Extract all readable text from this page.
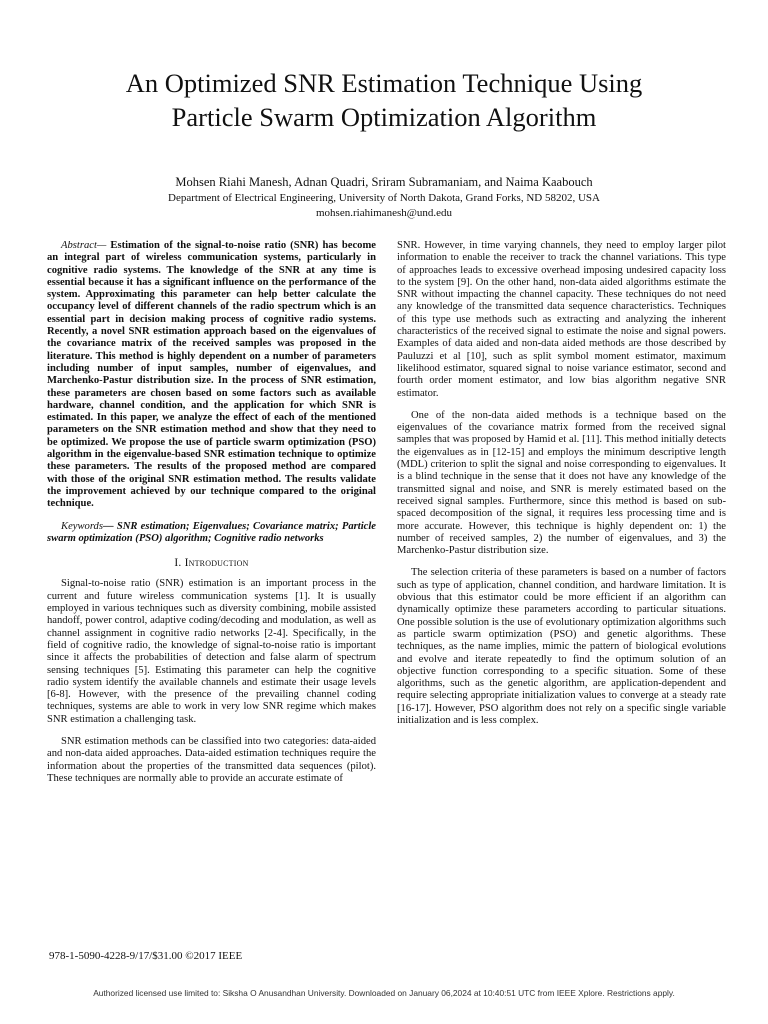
An Optimized SNR Estimation Technique Using
Particle Swarm Optimization Algorithm
Mohsen Riahi Manesh, Adnan Quadri, Sriram Subramaniam, and Naima Kaabouch
Department of Electrical Engineering, University of North Dakota, Grand Forks, ND 58202, USA
mohsen.riahimanesh@und.edu

Abstract— Estimation of the signal-to-noise ratio (SNR) has become an integral part of wireless communication systems, particularly in cognitive radio systems. The knowledge of the SNR at any time is essential because it has a significant influence on the performance of the system. Approximating this parameter can help better calculate the occupancy level of different channels of the radio spectrum which is an essential part in decision making process of cognitive radio systems. Recently, a novel SNR estimation approach based on the eigenvalues of the covariance matrix of the received samples was proposed in the literature. This method is highly dependent on a number of parameters including number of input samples, number of eigenvalues, and Marchenko-Pastur distribution size. In the process of SNR estimation, these parameters are chosen based on some factors such as available hardware, channel condition, and the application for which SNR is estimated. In this paper, we analyze the effect of each of the mentioned parameters on the SNR estimation method and show that they need to be optimized. We propose the use of particle swarm optimization (PSO) algorithm in the eigenvalue-based SNR estimation technique to optimize these parameters. The results of the proposed method are compared with those of the original SNR estimation method. The results validate the improvement achieved by our technique compared to the original technique.

Keywords— SNR estimation; Eigenvalues; Covariance matrix; Particle swarm optimization (PSO) algorithm; Cognitive radio networks

I. Introduction

Signal-to-noise ratio (SNR) estimation is an important process in the current and future wireless communication systems [1]. It is usually employed in various techniques such as diversity combining, mobile assisted handoff, power control, adaptive coding/decoding and modulation, as well as channel assignment in cognitive radio networks [2-4]. Specifically, in the field of cognitive radio, the knowledge of signal-to-noise ratio is important since it affects the probabilities of detection and false alarm of spectrum sensing techniques [5]. Estimating this parameter can help the cognitive radio system identify the available channels and estimate their usage levels [6-8]. However, with the presence of the prevailing channel coding techniques, systems are able to work in very low SNR regime which makes SNR estimation a challenging task.

SNR estimation methods can be classified into two categories: data-aided and non-data aided approaches. Data-aided estimation techniques require the information about the properties of the transmitted data sequences (pilot). These techniques are normally able to provide an accurate estimate of

SNR. However, in time varying channels, they need to employ larger pilot information to enable the receiver to track the channel variations. This type of approaches leads to excessive overhead imposing undesired capacity loss to the system [9]. On the other hand, non-data aided algorithms estimate the SNR without impacting the channel capacity. These techniques do not need any knowledge of the transmitted data sequence characteristics. Techniques of this type use methods such as extracting and analyzing the inherent characteristics of the received signal to estimate the noise and signal powers. Examples of data aided and non-data aided methods are those described by Pauluzzi et al [10], such as split symbol moment estimator, maximum likelihood estimator, squared signal to noise variance estimator, second and fourth order moment estimator, and low bias algorithm negative SNR estimator.

One of the non-data aided methods is a technique based on the eigenvalues of the covariance matrix formed from the received signal samples that was proposed by Hamid et al. [11]. This method initially detects the eigenvalues as in [12-15] and employs the minimum descriptive length (MDL) criterion to split the signal and noise corresponding to eigenvalues. It is a blind technique in the sense that it does not have any knowledge of the transmitted signal and noise, and SNR is merely estimated based on the received signal samples. Furthermore, since this method is based on sub-spaced decomposition of the signal, it requires less processing time and is more accurate. However, this technique is highly dependent on: 1) the number of received samples, 2) the number of eigenvalues, and 3) the Marchenko-Pastur distribution size.

The selection criteria of these parameters is based on a number of factors such as type of application, channel condition, and hardware limitation. It is obvious that this estimator could be more efficient if an algorithm can dynamically optimize these parameters according to particular situations. One possible solution is the use of evolutionary optimization algorithms such as particle swarm optimization (PSO) and genetic algorithms. These techniques, as the name implies, mimic the pattern of biological evolutions and evolve and iterate repeatedly to find the optimum solution of an objective function corresponding to a specific situation. Some of these algorithms, such as the genetic algorithm, are application-dependent and require selecting appropriate initialization values to converge at a steady rate [16-17]. However, PSO algorithm does not rely on a specific single variable initialization and is less complex.

978-1-5090-4228-9/17/$31.00 ©2017 IEEE
Authorized licensed use limited to: Siksha O Anusandhan University. Downloaded on January 06,2024 at 10:40:51 UTC from IEEE Xplore. Restrictions apply.
